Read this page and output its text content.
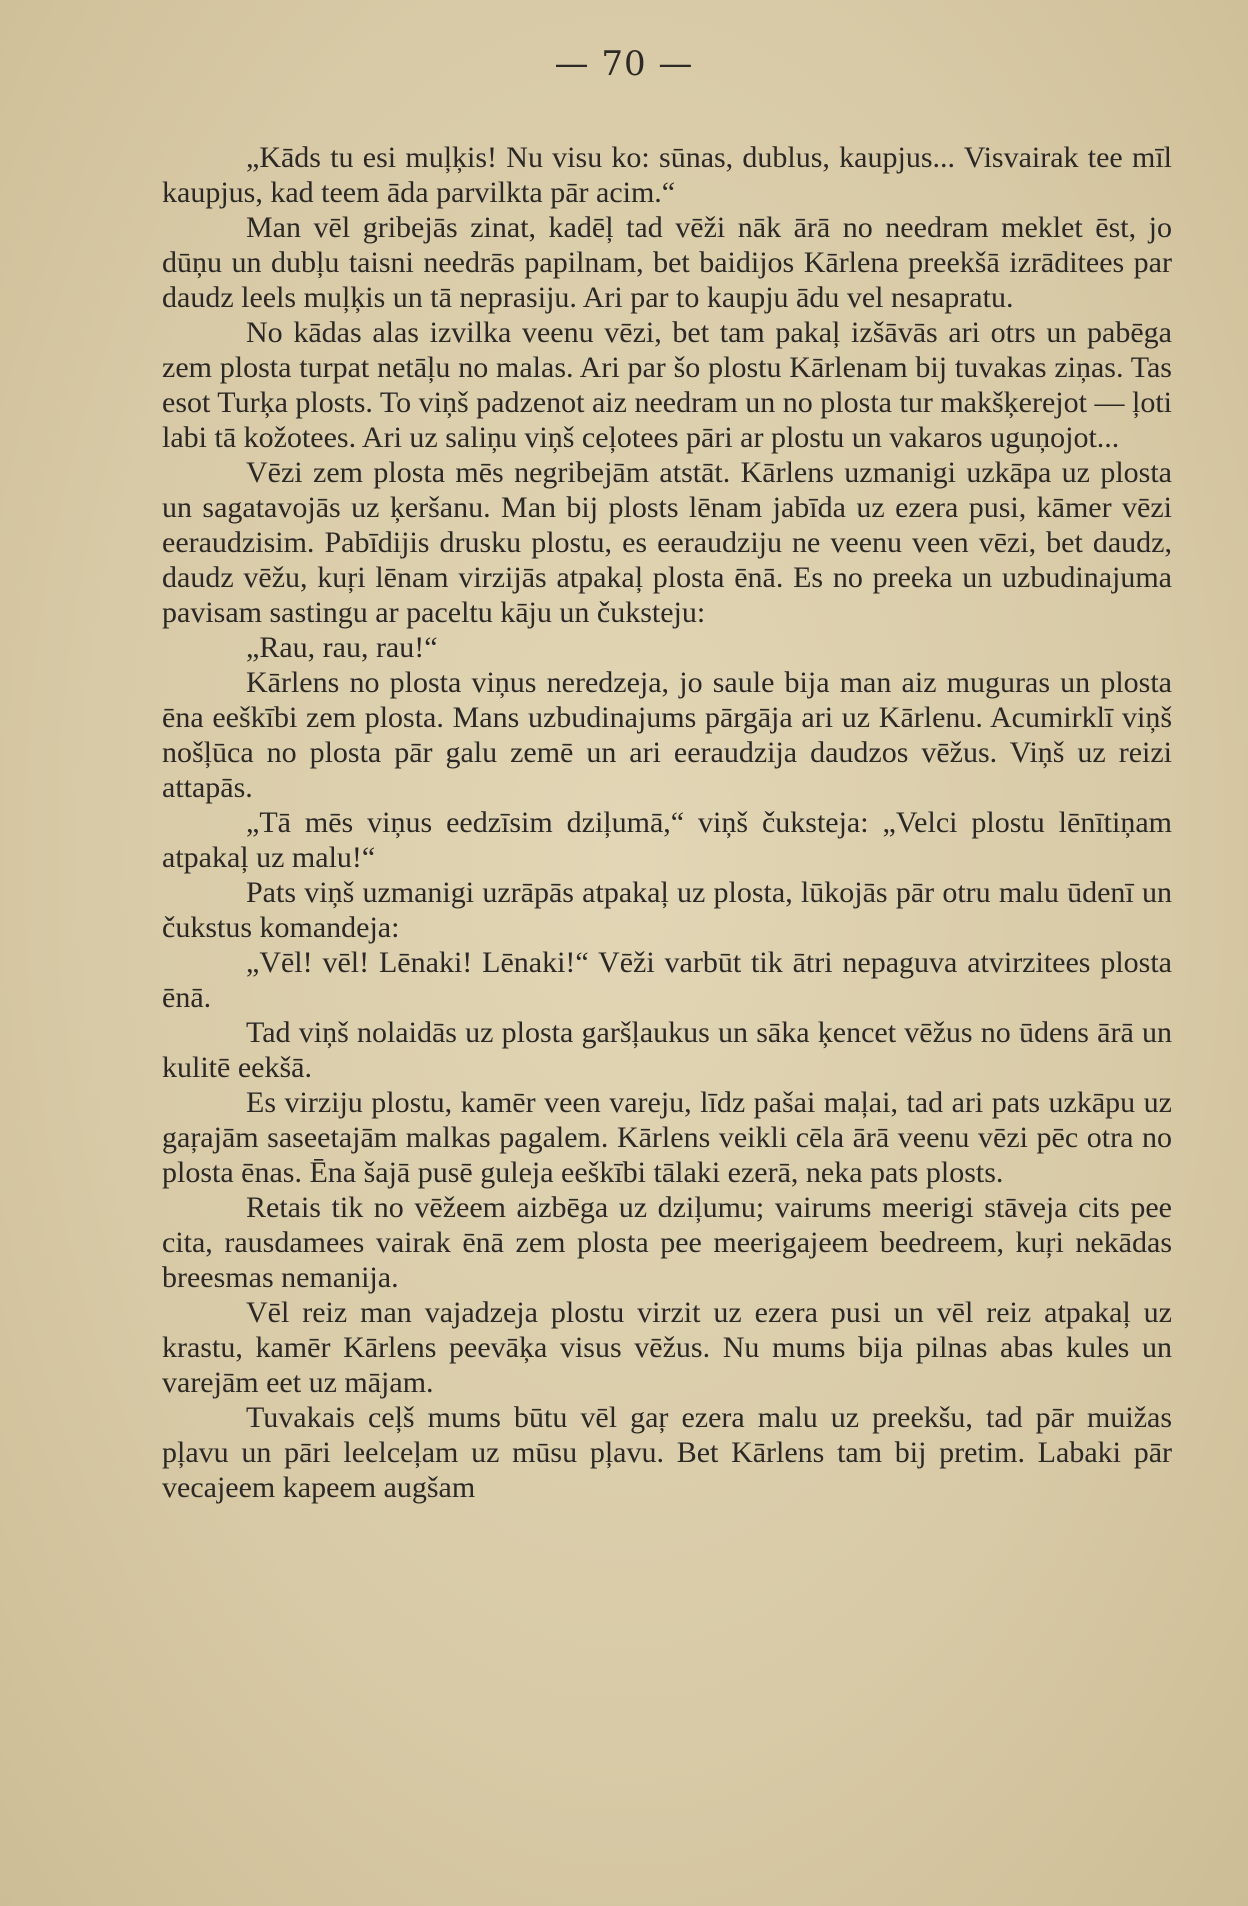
— 70 —

„Kāds tu esi muļķis! Nu visu ko: sūnas, dublus, kaupjus... Visvairak tee mīl kaupjus, kad teem āda parvilkta pār acim.“

Man vēl gribejās zinat, kadēļ tad vēži nāk ārā no needram meklet ēst, jo dūņu un dubļu taisni needrās papilnam, bet baidijos Kārlena preekšā izrāditees par daudz leels muļķis un tā neprasiju. Ari par to kaupju ādu vel nesapratu.

No kādas alas izvilka veenu vēzi, bet tam pakaļ izšāvās ari otrs un pabēga zem plosta turpat netāļu no malas. Ari par šo plostu Kārlenam bij tuvakas ziņas. Tas esot Turķa plosts. To viņš padzenot aiz needram un no plosta tur makšķerejot — ļoti labi tā kožotees. Ari uz saliņu viņš ceļotees pāri ar plostu un vakaros uguņojot...

Vēzi zem plosta mēs negribejām atstāt. Kārlens uzmanigi uzkāpa uz plosta un sagatavojās uz ķeršanu. Man bij plosts lēnam jabīda uz ezera pusi, kāmer vēzi eeraudzisim. Pabīdijis drusku plostu, es eeraudziju ne veenu veen vēzi, bet daudz, daudz vēžu, kuŗi lēnam virzijās atpakaļ plosta ēnā. Es no preeka un uzbudinajuma pavisam sastingu ar paceltu kāju un čuksteju:

„Rau, rau, rau!“

Kārlens no plosta viņus neredzeja, jo saule bija man aiz muguras un plosta ēna eeškībi zem plosta. Mans uzbudinajums pārgāja ari uz Kārlenu. Acumirklī viņš nošļūca no plosta pār galu zemē un ari eeraudzija daudzos vēžus. Viņš uz reizi attapās.

„Tā mēs viņus eedzīsim dziļumā,“ viņš čuksteja: „Velci plostu lēnītiņam atpakaļ uz malu!“

Pats viņš uzmanigi uzrāpās atpakaļ uz plosta, lūkojās pār otru malu ūdenī un čukstus komandeja:

„Vēl! vēl! Lēnaki! Lēnaki!“ Vēži varbūt tik ātri nepaguva atvirzitees plosta ēnā.

Tad viņš nolaidās uz plosta garšļaukus un sāka ķencet vēžus no ūdens ārā un kulitē eekšā.

Es virziju plostu, kamēr veen vareju, līdz pašai maļai, tad ari pats uzkāpu uz gaŗajām saseetajām malkas pagalem. Kārlens veikli cēla ārā veenu vēzi pēc otra no plosta ēnas. Ēna šajā pusē guleja eeškībi tālaki ezerā, neka pats plosts.

Retais tik no vēžeem aizbēga uz dziļumu; vairums meerigi stāveja cits pee cita, rausdamees vairak ēnā zem plosta pee meerigajeem beedreem, kuŗi nekādas breesmas nemanija.

Vēl reiz man vajadzeja plostu virzit uz ezera pusi un vēl reiz atpakaļ uz krastu, kamēr Kārlens peevāķa visus vēžus. Nu mums bija pilnas abas kules un varejām eet uz mājam.

Tuvakais ceļš mums būtu vēl gaŗ ezera malu uz preekšu, tad pār muižas pļavu un pāri leelceļam uz mūsu pļavu. Bet Kārlens tam bij pretim. Labaki pār vecajeem kapeem augšam
